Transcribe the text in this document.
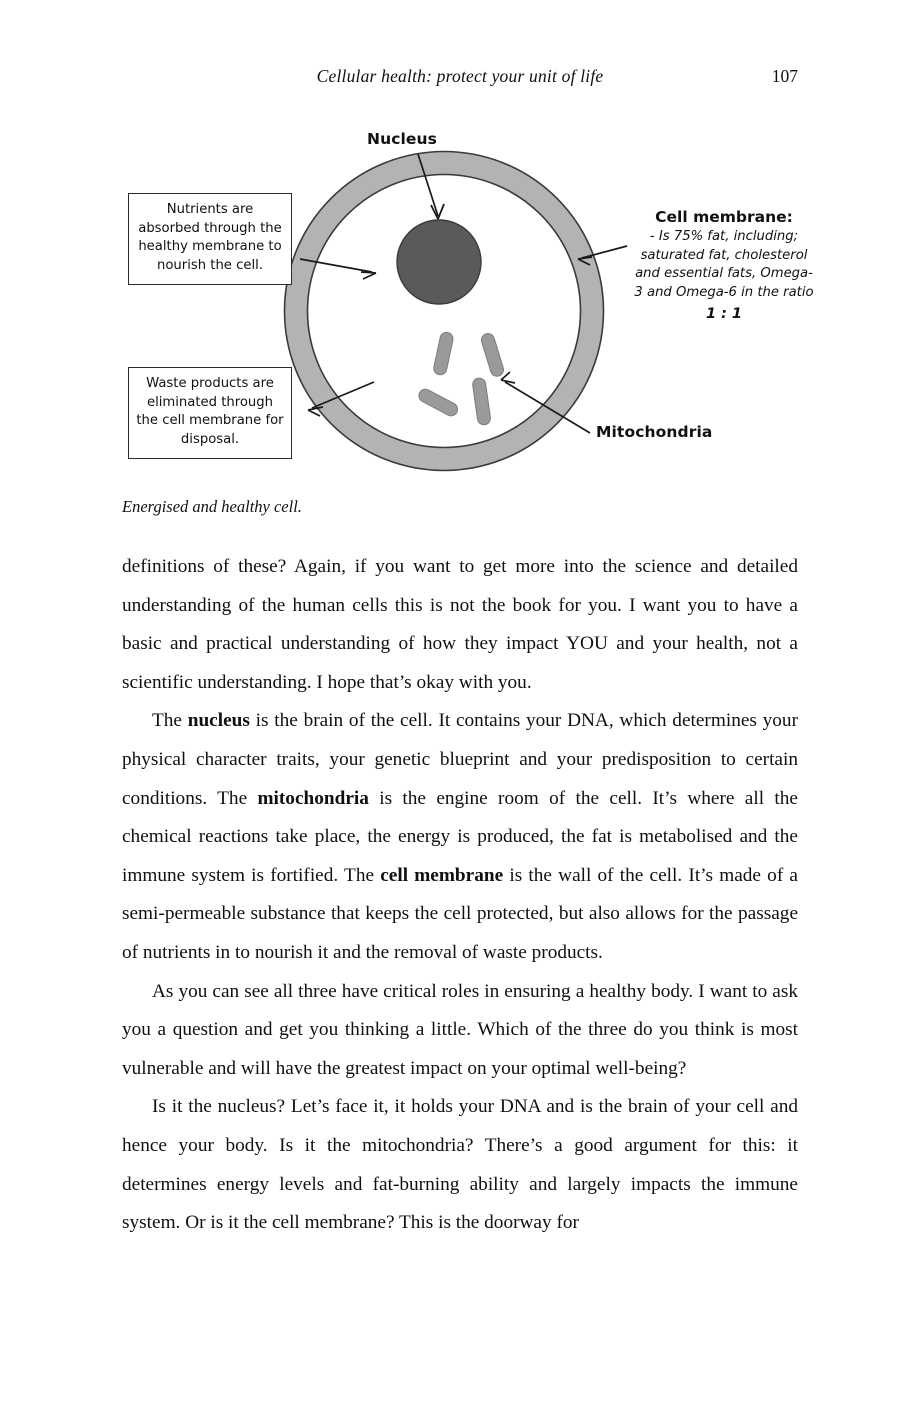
Cellular health: protect your unit of life	107
Nucleus
Mitochondria
Nutrients are absorbed through the healthy membrane to nourish the cell.
Waste products are eliminated through the cell membrane for disposal.
Cell membrane:
- Is 75% fat, including; saturated fat, cholesterol and essential fats, Omega-3 and Omega-6 in the ratio
1 : 1
Energised and healthy cell.

definitions of these? Again, if you want to get more into the science and detailed understanding of the human cells this is not the book for you. I want you to have a basic and practical understanding of how they impact YOU and your health, not a scientific understanding. I hope that’s okay with you.

The nucleus is the brain of the cell. It contains your DNA, which determines your physical character traits, your genetic blueprint and your predisposition to certain conditions. The mitochondria is the engine room of the cell. It’s where all the chemical reactions take place, the energy is produced, the fat is metabolised and the immune system is fortified. The cell membrane is the wall of the cell. It’s made of a semi-permeable substance that keeps the cell protected, but also allows for the passage of nutrients in to nourish it and the removal of waste products.

As you can see all three have critical roles in ensuring a healthy body. I want to ask you a question and get you thinking a little. Which of the three do you think is most vulnerable and will have the greatest impact on your optimal well-being?

Is it the nucleus? Let’s face it, it holds your DNA and is the brain of your cell and hence your body. Is it the mitochondria? There’s a good argument for this: it determines energy levels and fat-burning ability and largely impacts the immune system. Or is it the cell membrane? This is the doorway for
